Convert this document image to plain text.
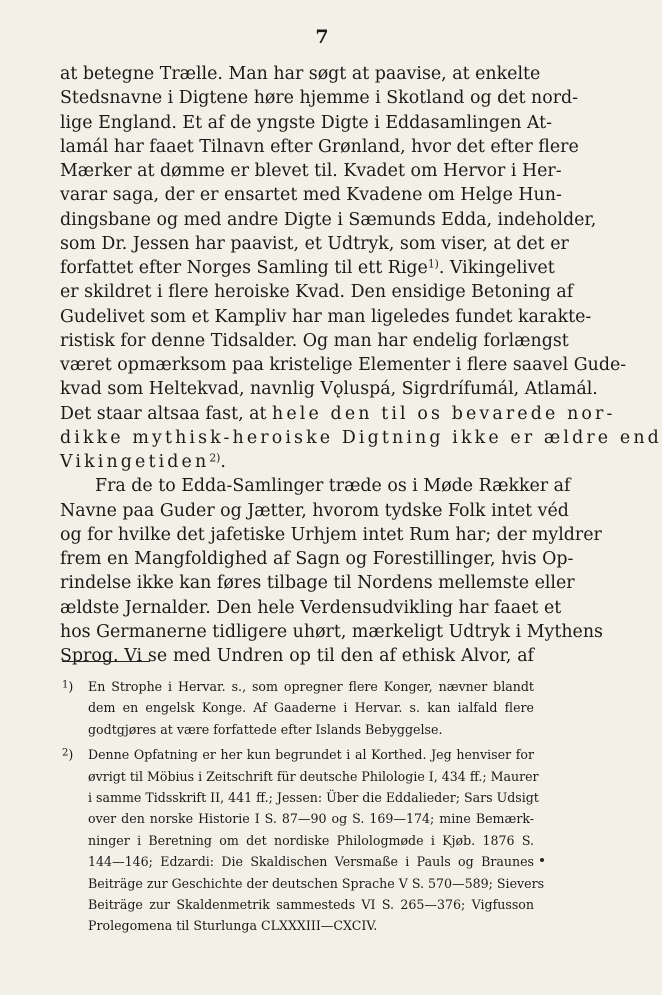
7
at betegne Trælle. Man har søgt at paavise, at enkelte
Stedsnavne i Digtene høre hjemme i Skotland og det nord-
lige England. Et af de yngste Digte i Eddasamlingen At-
lamál har faaet Tilnavn efter Grønland, hvor det efter flere
Mærker at dømme er blevet til. Kvadet om Hervor i Her-
varar saga, der er ensartet med Kvadene om Helge Hun-
dingsbane og med andre Digte i Sæmunds Edda, indeholder,
som Dr. Jessen har paavist, et Udtryk, som viser, at det er
forfattet efter Norges Samling til ett Rige$^{1)}$. Vikingelivet
er skildret i flere heroiske Kvad. Den ensidige Betoning af
Gudelivet som et Kampliv har man ligeledes fundet karakte-
ristisk for denne Tidsalder. Og man har endelig forlængst
været opmærksom paa kristelige Elementer i flere saavel Gude-
kvad som Heltekvad, navnlig Vǫluspá, Sigrdrífumál, Atlamál.
Det staar altsaa fast, at hele den til os bevarede nor-
dikke mythisk-heroiske Digtning ikke er ældre end
Vikingetiden$^{2)}$.
Fra de to Edda-Samlinger træde os i Møde Rækker af
Navne paa Guder og Jætter, hvorom tydske Folk intet véd
og for hvilke det jafetiske Urhjem intet Rum har; der myldrer
frem en Mangfoldighed af Sagn og Forestillinger, hvis Op-
rindelse ikke kan føres tilbage til Nordens mellemste eller
ældste Jernalder. Den hele Verdensudvikling har faaet et
hos Germanerne tidligere uhørt, mærkeligt Udtryk i Mythens
Sprog. Vi se med Undren op til den af ethisk Alvor, af
$^1$) En Strophe i Hervar. s., som opregner flere Konger, nævner blandt
dem en engelsk Konge. Af Gaaderne i Hervar. s. kan ialfald flere
godtgjøres at være forfattede efter Islands Bebyggelse.
$^2$) Denne Opfatning er her kun begrundet i al Korthed. Jeg henviser for
øvrigt til Möbius i Zeitschrift für deutsche Philologie I, 434 ff.; Maurer
i samme Tidsskrift II, 441 ff.; Jessen: Über die Eddalieder; Sars Udsigt
over den norske Historie I S. 87—90 og S. 169—174; mine Bemærk-
ninger i Beretning om det nordiske Philologmøde i Kjøb. 1876 S.
144—146; Edzardi: Die Skaldischen Versmaße i Pauls og Braunes
Beiträge zur Geschichte der deutschen Sprache V S. 570—589; Sievers
Beiträge zur Skaldenmetrik sammesteds VI S. 265—376; Vigfusson
Prolegomena til Sturlunga CLXXXIII—CXCIV.
